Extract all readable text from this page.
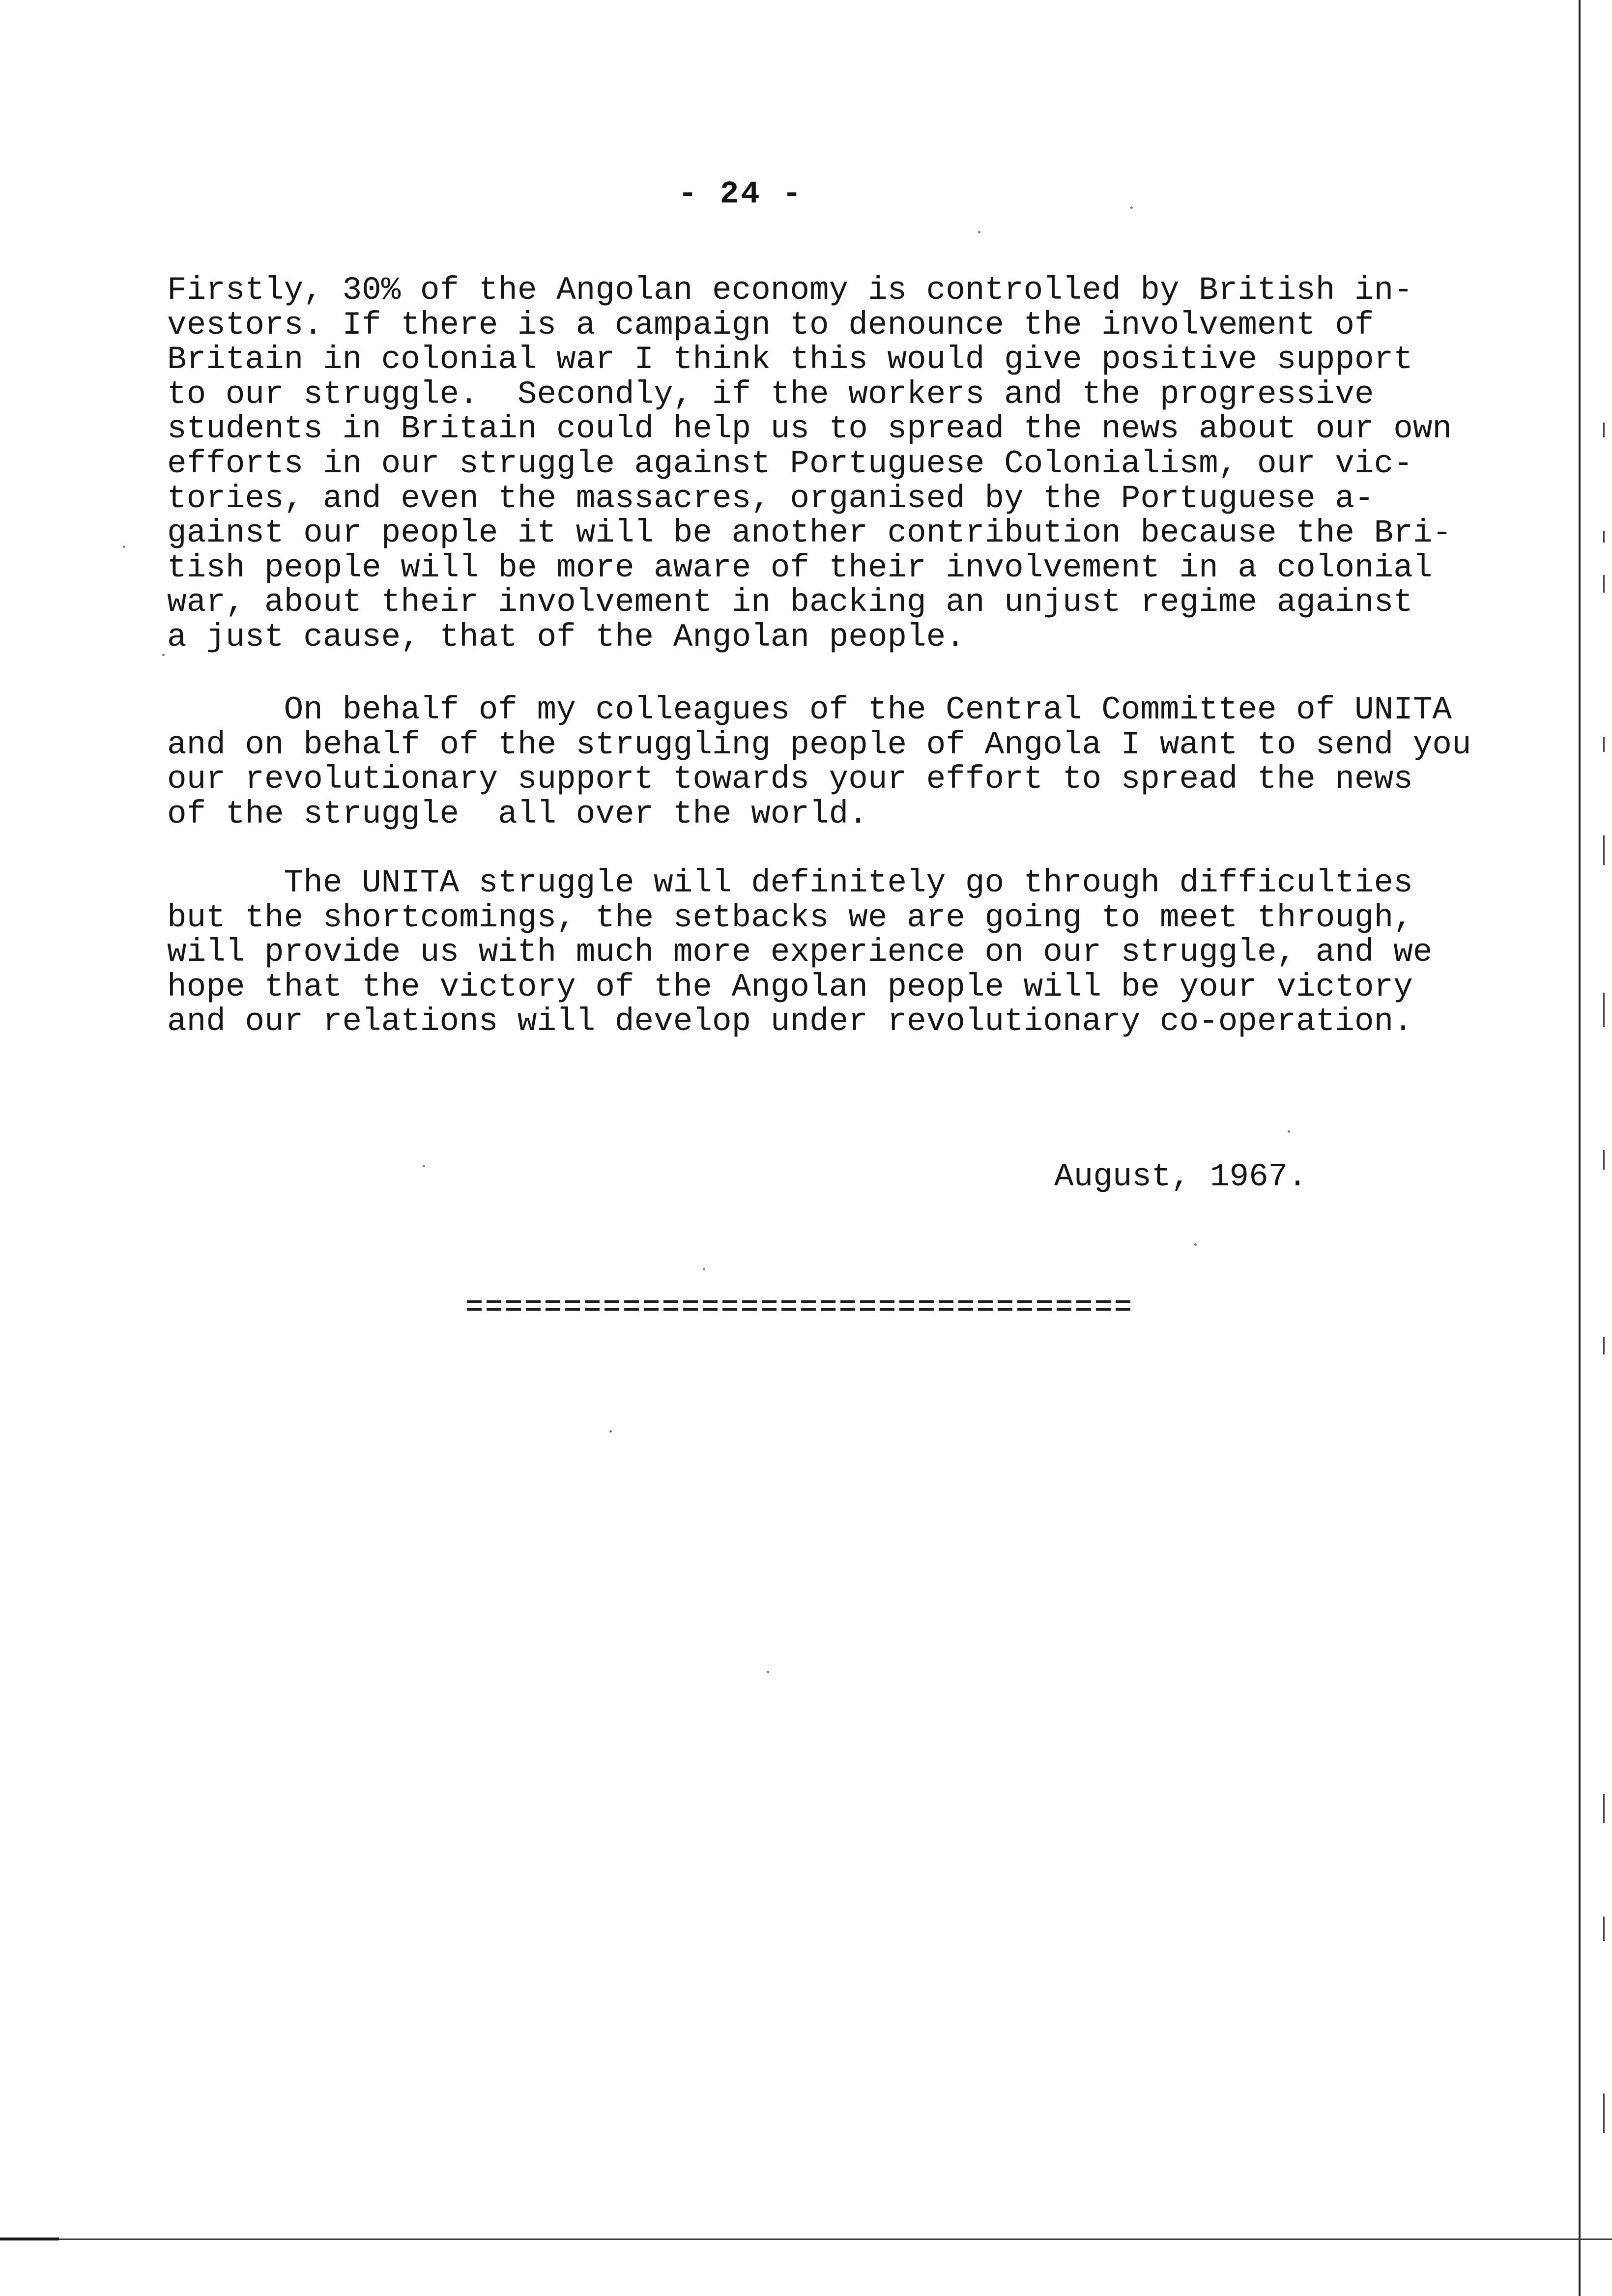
- 24 -

Firstly, 30% of the Angolan economy is controlled by British in-
vestors. If there is a campaign to denounce the involvement of
Britain in colonial war I think this would give positive support
to our struggle.  Secondly, if the workers and the progressive
students in Britain could help us to spread the news about our own
efforts in our struggle against Portuguese Colonialism, our vic-
tories, and even the massacres, organised by the Portuguese a-
gainst our people it will be another contribution because the Bri-
tish people will be more aware of their involvement in a colonial
war, about their involvement in backing an unjust regime against
a just cause, that of the Angolan people.

On behalf of my colleagues of the Central Committee of UNITA
and on behalf of the struggling people of Angola I want to send you
our revolutionary support towards your effort to spread the news
of the struggle  all over the world.

The UNITA struggle will definitely go through difficulties
but the shortcomings, the setbacks we are going to meet through,
will provide us with much more experience on our struggle, and we
hope that the victory of the Angolan people will be your victory
and our relations will develop under revolutionary co-operation.

August, 1967.
